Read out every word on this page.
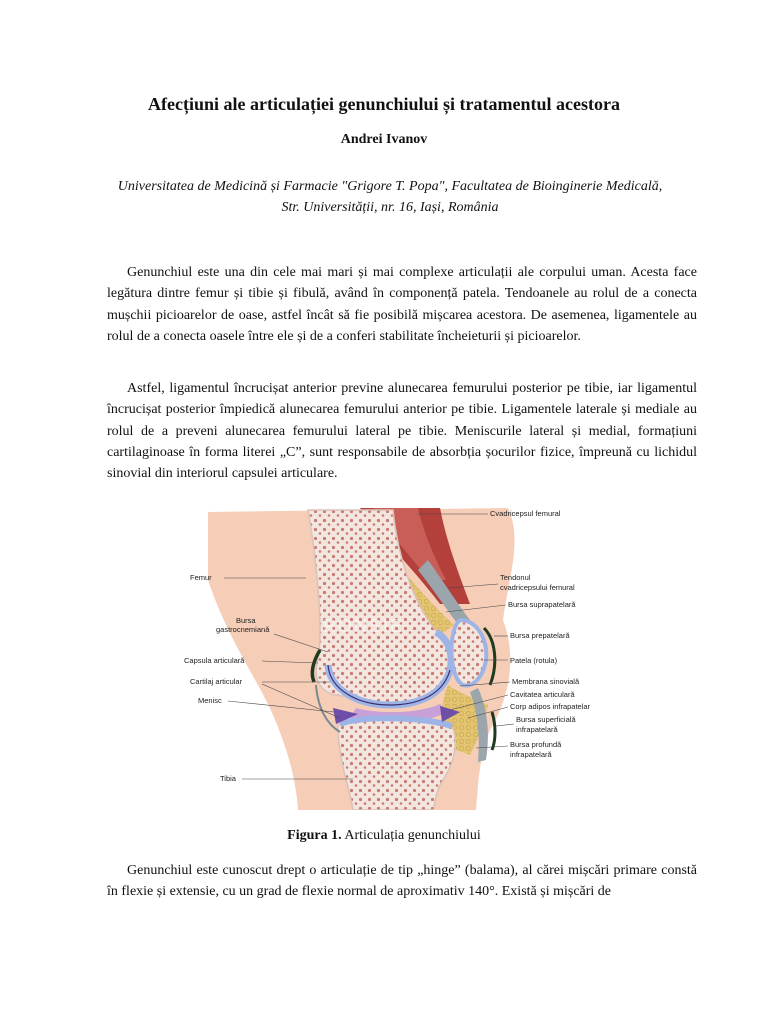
Afecțiuni ale articulației genunchiului și tratamentul acestora
Andrei Ivanov
Universitatea de Medicină și Farmacie "Grigore T. Popa", Facultatea de Bioinginerie Medicală, Str. Universității, nr. 16, Iași, România

Genunchiul este una din cele mai mari și mai complexe articulații ale corpului uman. Acesta face legătura dintre femur și tibie și fibulă, având în componență patela. Tendoanele au rolul de a conecta mușchii picioarelor de oase, astfel încât să fie posibilă mișcarea acestora. De asemenea, ligamentele au rolul de a conecta oasele între ele și de a conferi stabilitate încheieturii și picioarelor.

Astfel, ligamentul încrucișat anterior previne alunecarea femurului posterior pe tibie, iar ligamentul încrucișat posterior împiedică alunecarea femurului anterior pe tibie. Ligamentele laterale și mediale au rolul de a preveni alunecarea femurului lateral pe tibie. Meniscurile lateral și medial, formațiuni cartilaginoase în forma literei „C”, sunt responsabile de absorbția șocurilor fizice, împreună cu lichidul sinovial din interiorul capsulei articulare.

RONSIE
Femur
Bursa
gastrocnemiană
Capsula articulară
Cartilaj articular
Menisc
Tibia
Cvadricepsul femural
Tendonul
cvadricepsului femural
Bursa suprapatelară
Bursa prepatelară
Patela (rotula)
Membrana sinovială
Cavitatea articulară
Corp adipos infrapatelar
Bursa superficială
infrapatelară
Bursa profundă
infrapatelară
Figura 1. Articulația genunchiului

Genunchiul este cunoscut drept o articulație de tip „hinge” (balama), al cărei mișcări primare constă în flexie și extensie, cu un grad de flexie normal de aproximativ 140°. Există și mișcări de
